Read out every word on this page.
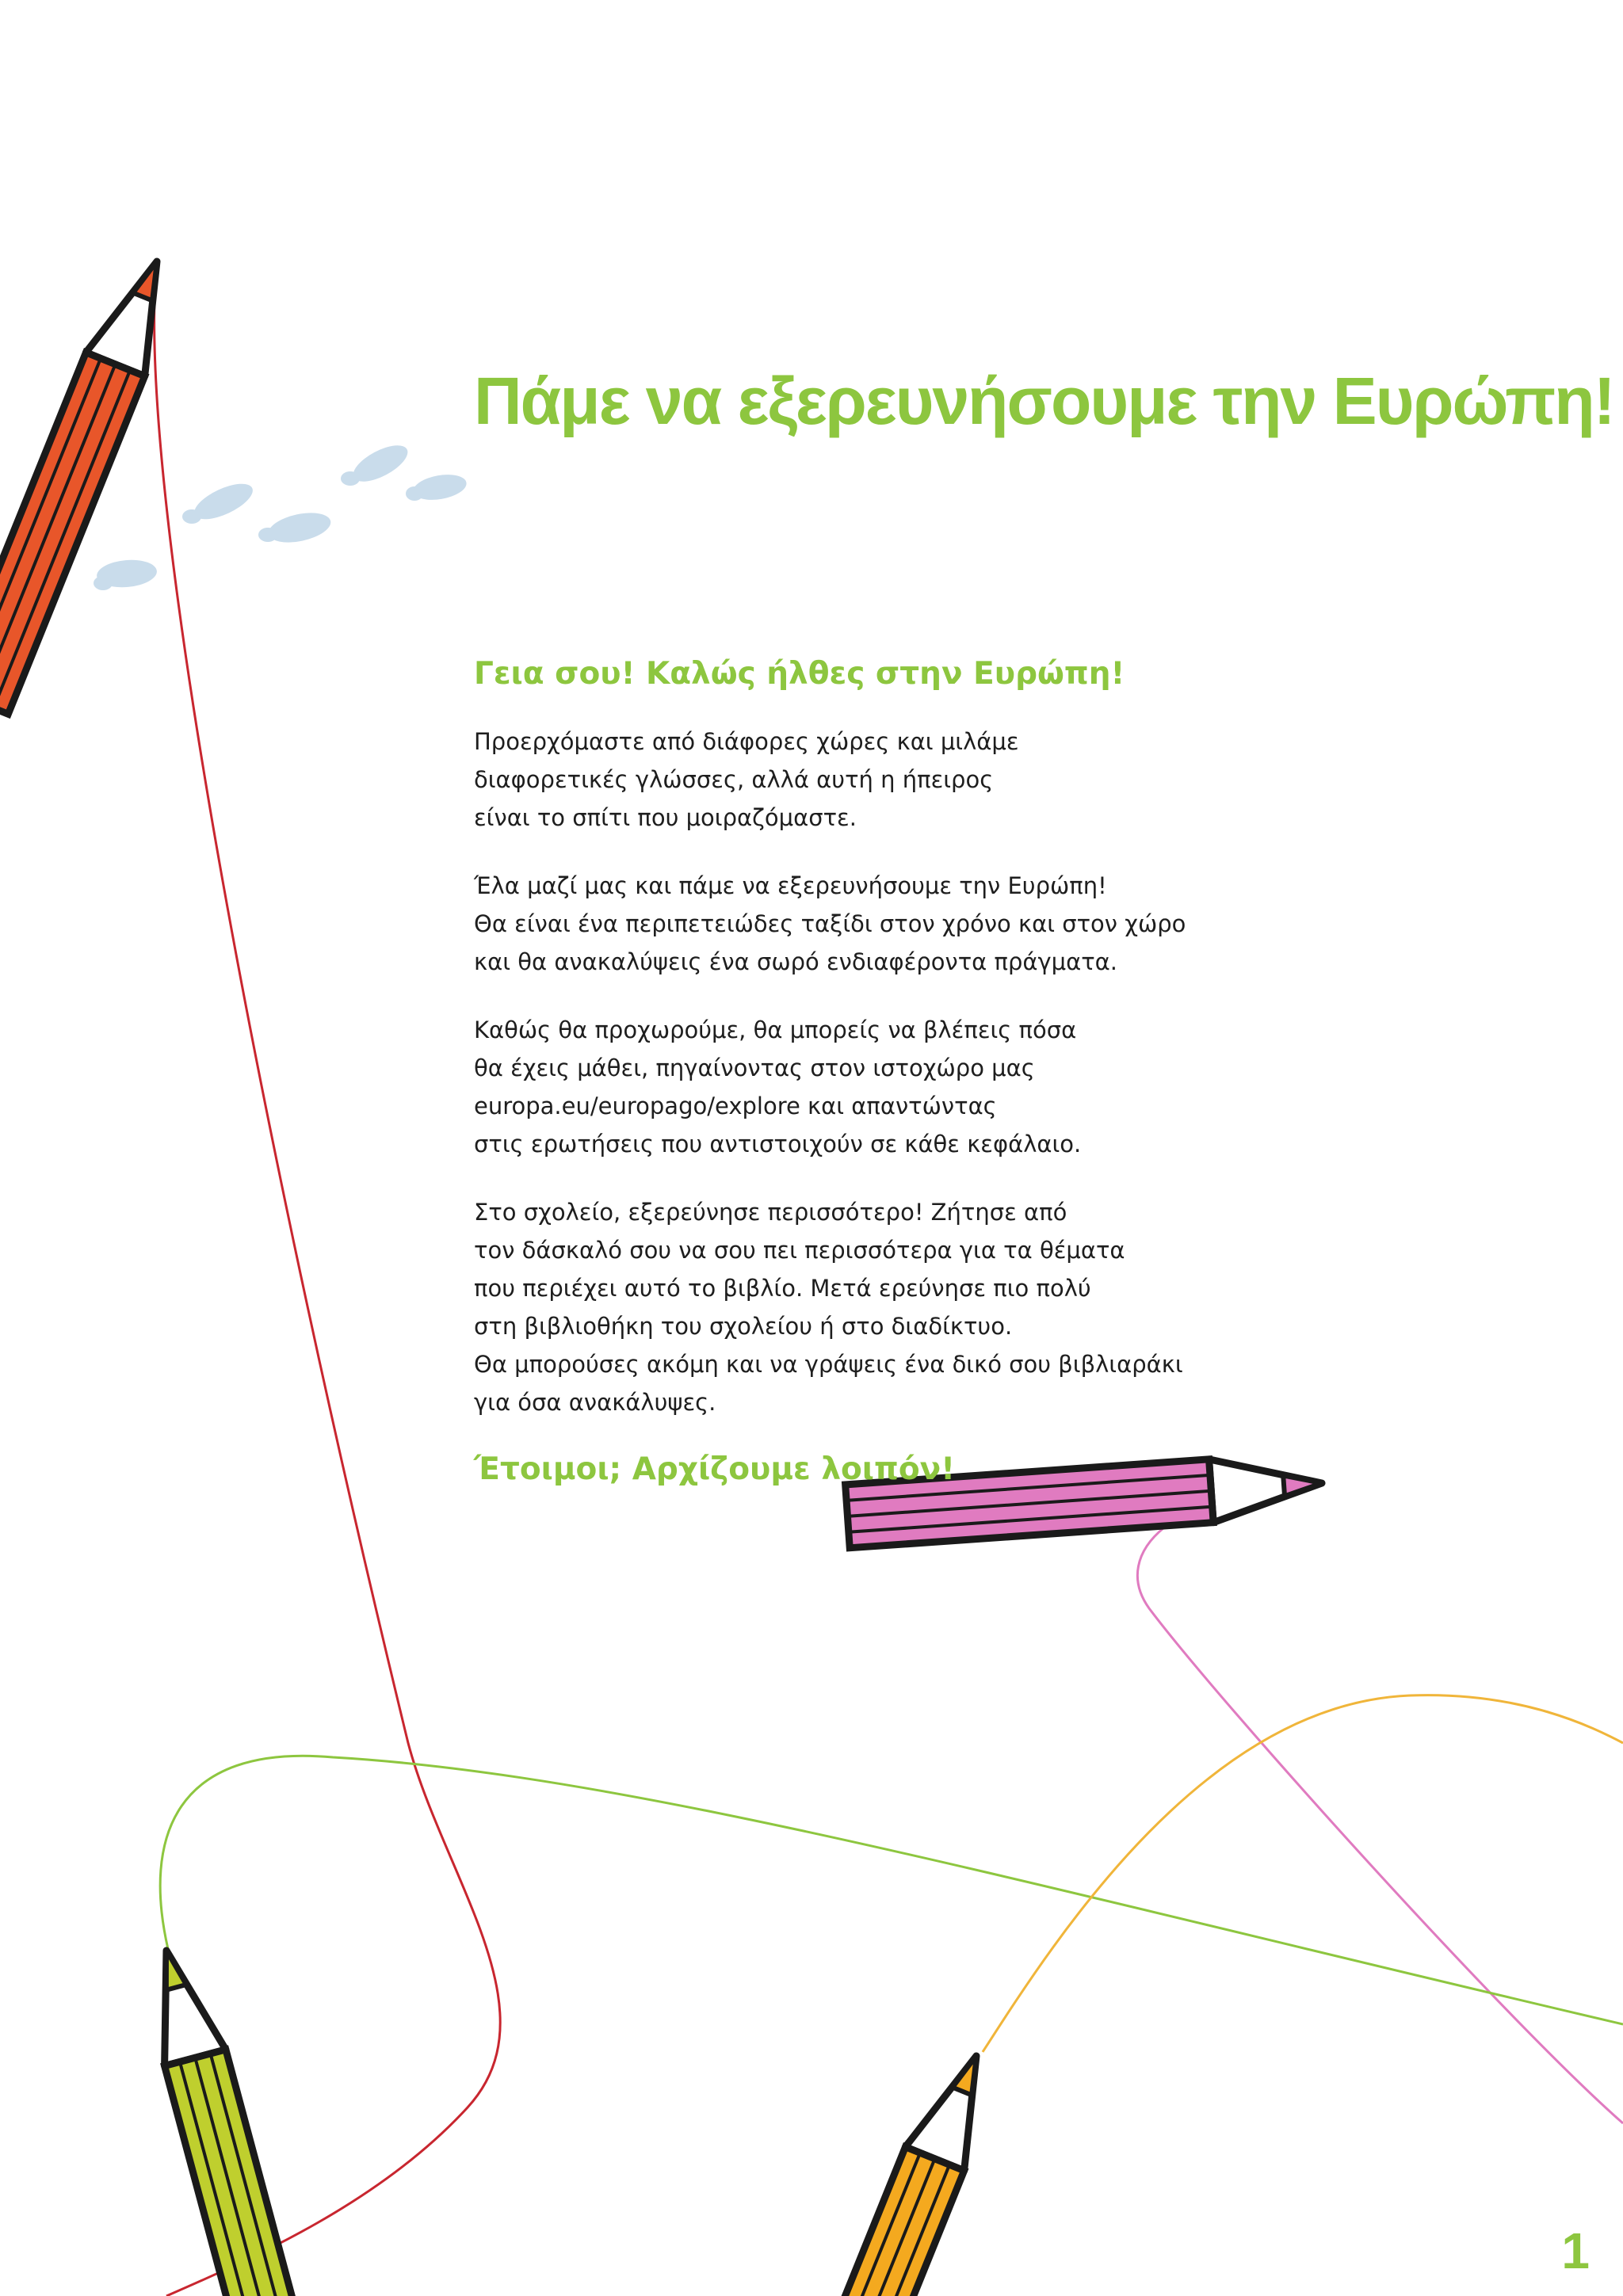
Πάμε να εξερευνήσουμε την Ευρώπη!
Γεια σου! Καλώς ήλθες στην Ευρώπη!

Προερχόμαστε από διάφορες χώρες και μιλάμε
διαφορετικές γλώσσες, αλλά αυτή η ήπειρος
είναι το σπίτι που μοιραζόμαστε.

Έλα μαζί μας και πάμε να εξερευνήσουμε την Ευρώπη!
Θα είναι ένα περιπετειώδες ταξίδι στον χρόνο και στον χώρο
και θα ανακαλύψεις ένα σωρό ενδιαφέροντα πράγματα.

Καθώς θα προχωρούμε, θα μπορείς να βλέπεις πόσα
θα έχεις μάθει, πηγαίνοντας στον ιστοχώρο μας
europa.eu/europago/explore και απαντώντας
στις ερωτήσεις που αντιστοιχούν σε κάθε κεφάλαιο.

Στο σχολείο, εξερεύνησε περισσότερο! Ζήτησε από
τον δάσκαλό σου να σου πει περισσότερα για τα θέματα
που περιέχει αυτό το βιβλίο. Μετά ερεύνησε πιο πολύ
στη βιβλιοθήκη του σχολείου ή στο διαδίκτυο.
Θα μπορούσες ακόμη και να γράψεις ένα δικό σου βιβλιαράκι
για όσα ανακάλυψες.

Έτοιμοι; Αρχίζουμε λοιπόν!
1
